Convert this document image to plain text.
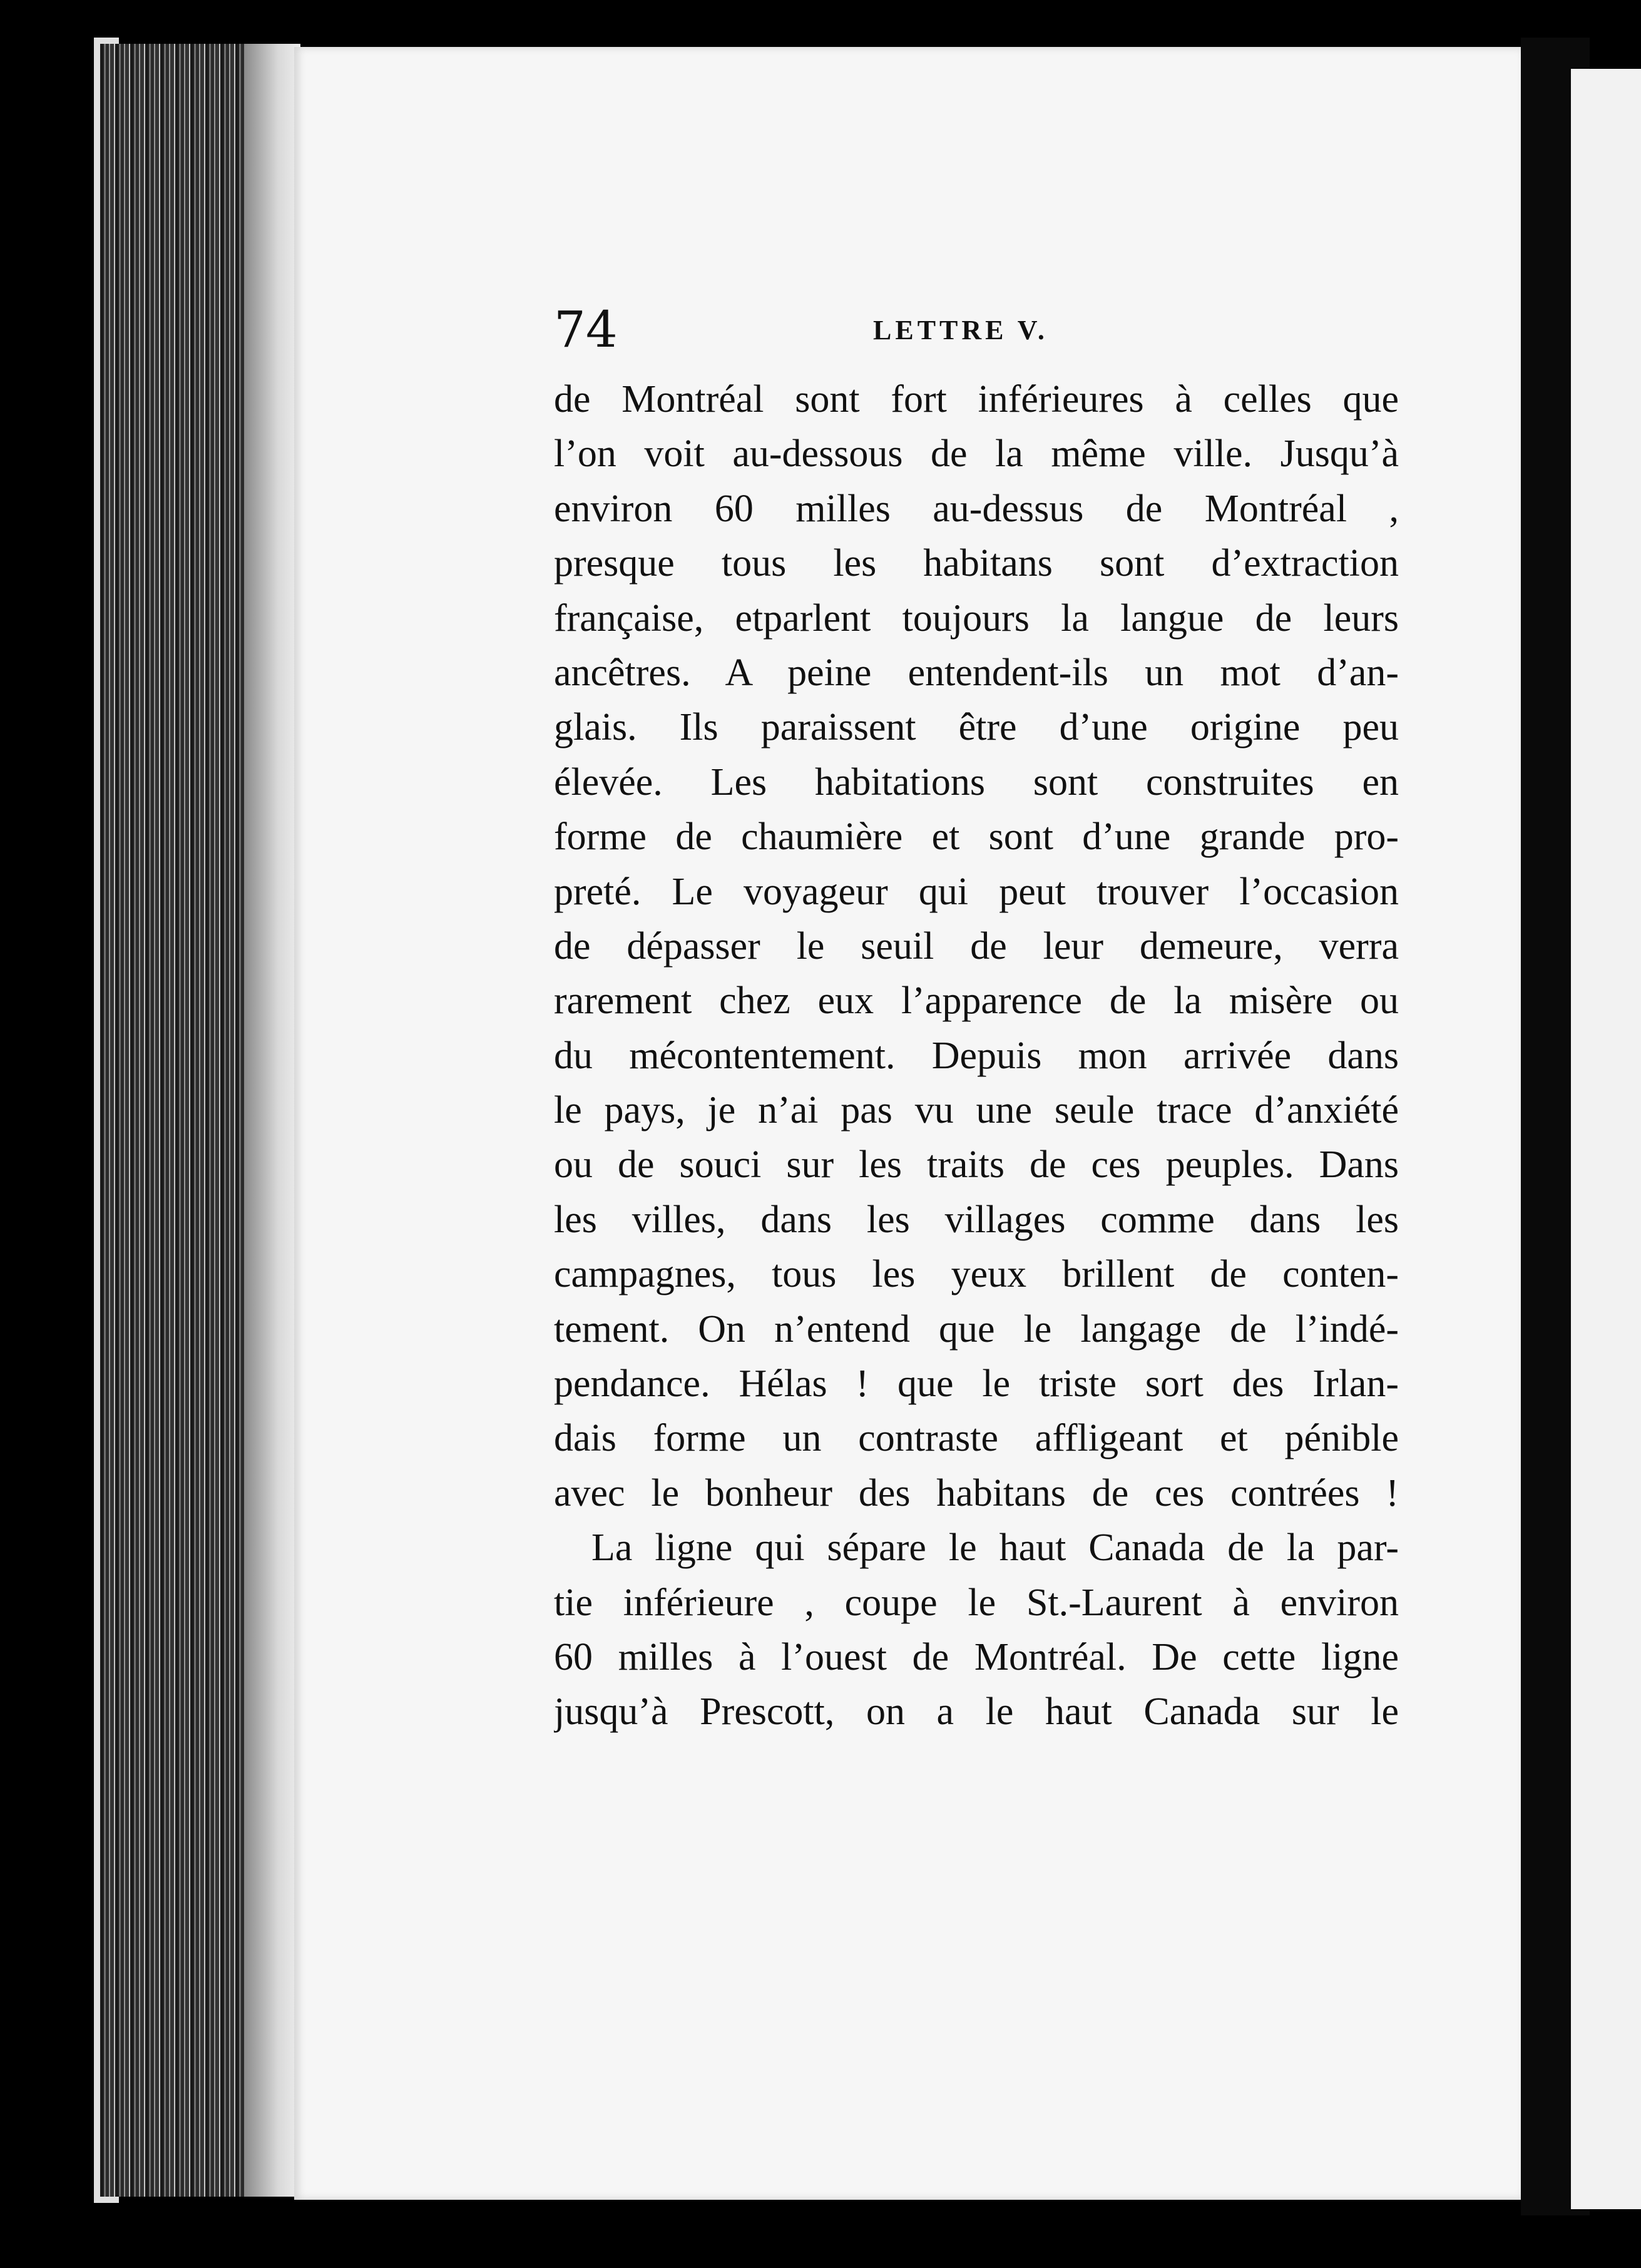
74	LETTRE V.
de Montréal sont fort inférieures à celles que
l’on voit au-dessous de la même ville. Jusqu’à
environ 60 milles au-dessus de Montréal ,
presque tous les habitans sont d’extraction
française, etparlent toujours la langue de leurs
ancêtres. A peine entendent-ils un mot d’an-
glais. Ils paraissent être d’une origine peu
élevée. Les habitations sont construites en
forme de chaumière et sont d’une grande pro-
preté. Le voyageur qui peut trouver l’occasion
de dépasser le seuil de leur demeure, verra
rarement chez eux l’apparence de la misère ou
du mécontentement. Depuis mon arrivée dans
le pays, je n’ai pas vu une seule trace d’anxiété
ou de souci sur les traits de ces peuples. Dans
les villes, dans les villages comme dans les
campagnes, tous les yeux brillent de conten-
tement. On n’entend que le langage de l’indé-
pendance. Hélas ! que le triste sort des Irlan-
dais forme un contraste affligeant et pénible
avec le bonheur des habitans de ces contrées !
La ligne qui sépare le haut Canada de la par-
tie inférieure , coupe le St.-Laurent à environ
60 milles à l’ouest de Montréal. De cette ligne
jusqu’à Prescott, on a le haut Canada sur le
